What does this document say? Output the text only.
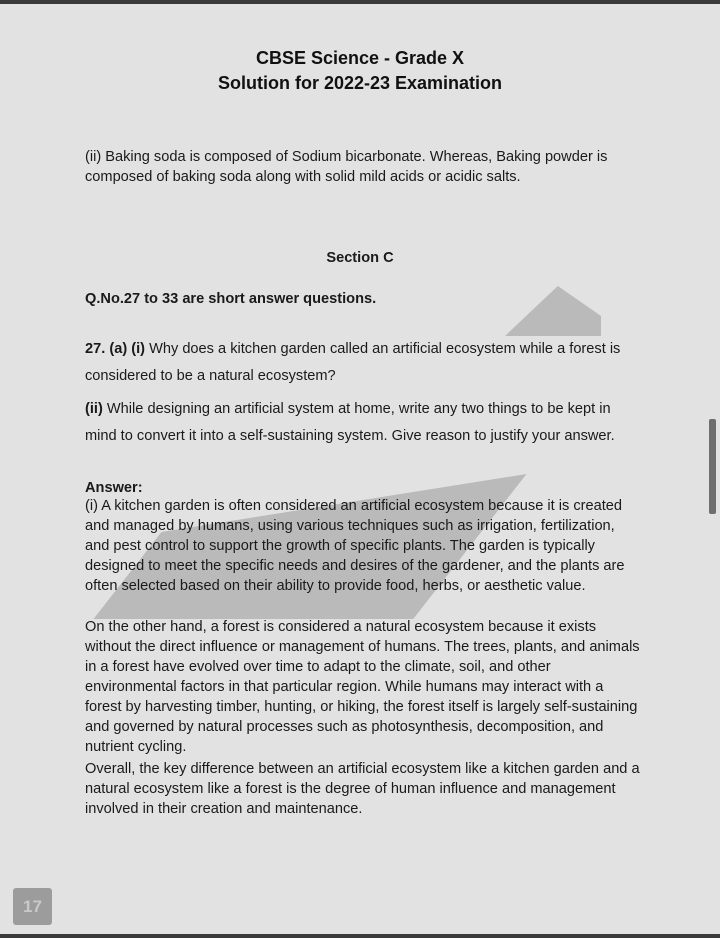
CBSE Science - Grade X
Solution for 2022-23 Examination
(ii) Baking soda is composed of Sodium bicarbonate. Whereas, Baking powder is composed of baking soda along with solid mild acids or acidic salts.
Section C
Q.No.27 to 33 are short answer questions.
27. (a) (i) Why does a kitchen garden called an artificial ecosystem while a forest is considered to be a natural ecosystem?
(ii) While designing an artificial system at home, write any two things to be kept in mind to convert it into a self-sustaining system. Give reason to justify your answer.
Answer:
(i) A kitchen garden is often considered an artificial ecosystem because it is created and managed by humans, using various techniques such as irrigation, fertilization, and pest control to support the growth of specific plants. The garden is typically designed to meet the specific needs and desires of the gardener, and the plants are often selected based on their ability to provide food, herbs, or aesthetic value.
On the other hand, a forest is considered a natural ecosystem because it exists without the direct influence or management of humans. The trees, plants, and animals in a forest have evolved over time to adapt to the climate, soil, and other environmental factors in that particular region. While humans may interact with a forest by harvesting timber, hunting, or hiking, the forest itself is largely self-sustaining and governed by natural processes such as photosynthesis, decomposition, and nutrient cycling.
Overall, the key difference between an artificial ecosystem like a kitchen garden and a natural ecosystem like a forest is the degree of human influence and management involved in their creation and maintenance.
17
